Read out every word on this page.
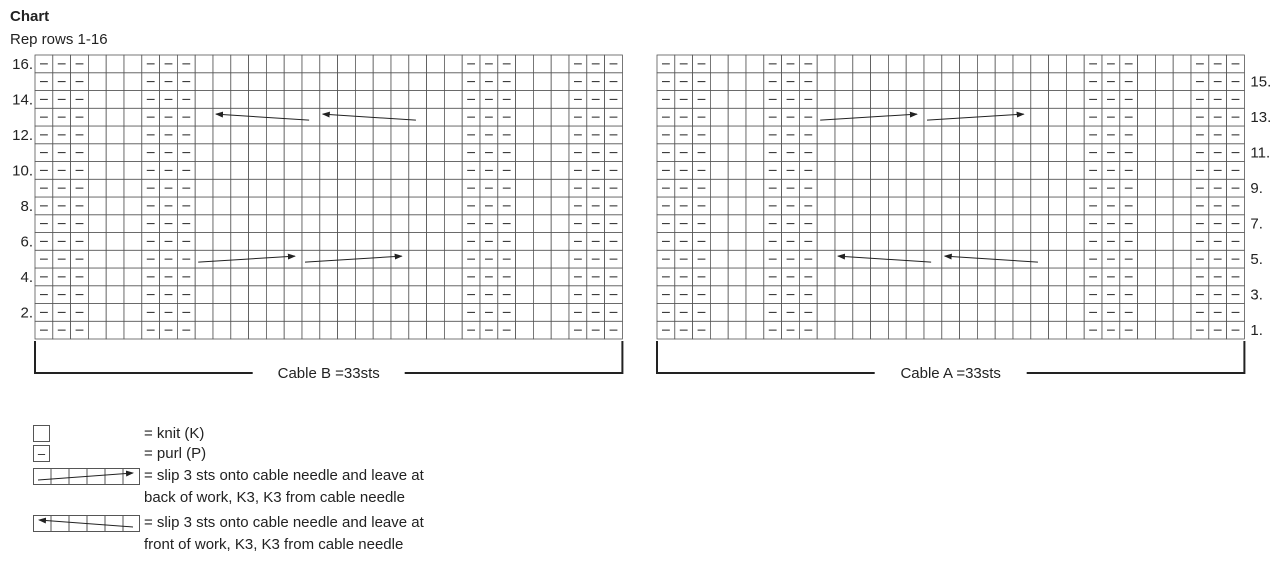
Chart
Rep rows 1-16
16.
14.
12.
10.
8.
6.
4.
2.
Cable B =33sts
15.
13.
11.
9.
7.
5.
3.
1.
Cable A =33sts
= knit (K)
–	= purl (P)
= slip 3 sts onto cable needle and leave at
back of work, K3, K3 from cable needle
= slip 3 sts onto cable needle and leave at
front of work, K3, K3 from cable needle
